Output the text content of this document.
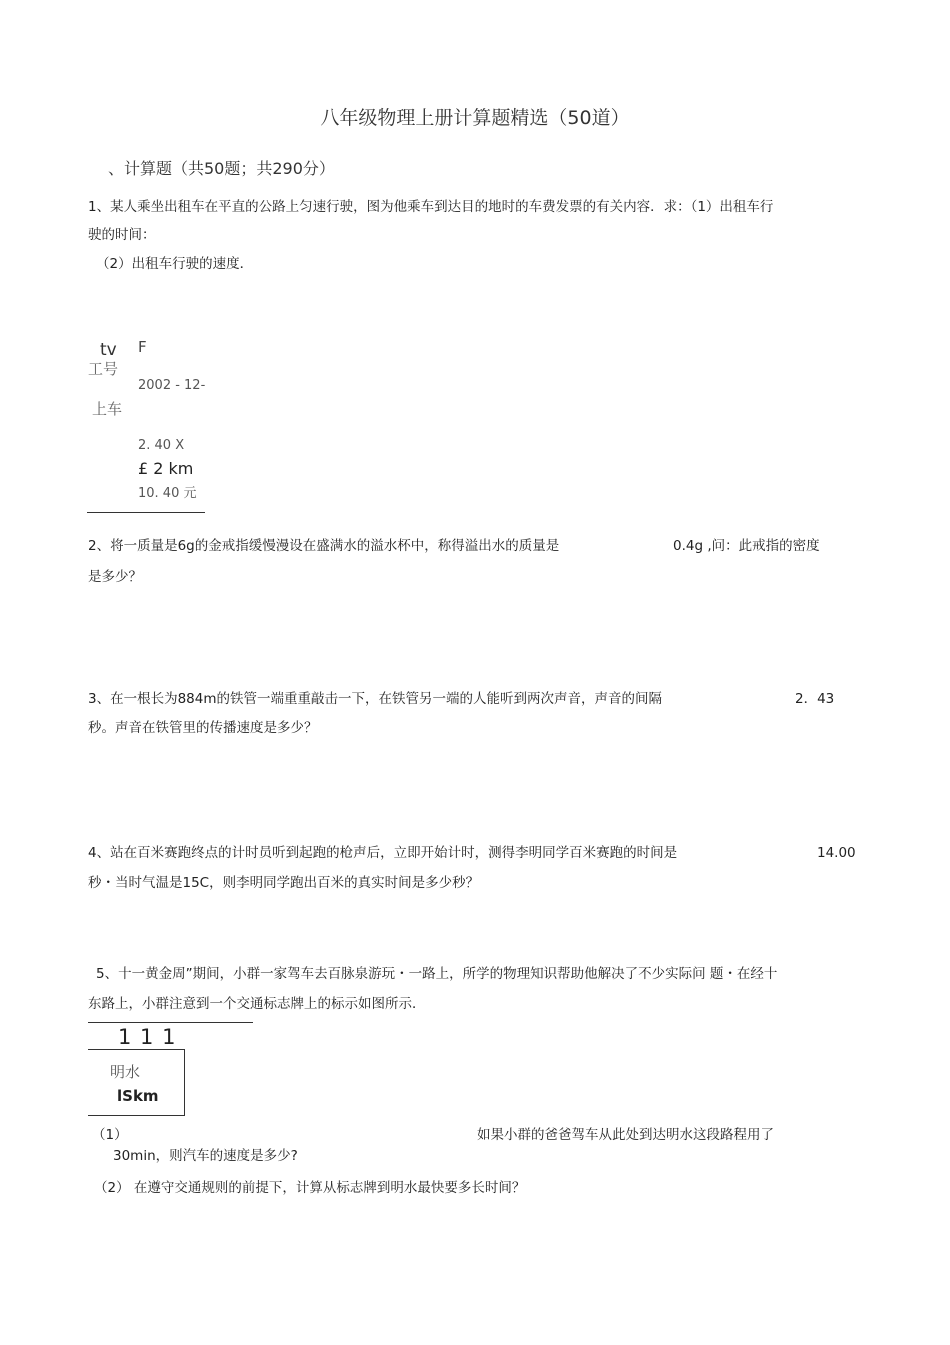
八年级物理上册计算题精选（50道）
、计算题（共50题；共290分）
1、某人乘坐出租车在平直的公路上匀速行驶，图为他乘车到达目的地时的车费发票的有关内容．求：（1）出租车行
驶的时间：
（2）出租车行驶的速度．
tv F
工号
2002 - 12-
上车
2. 40 X
£ 2 km
10. 40 元
2、将一质量是6g的金戒指缓慢漫设在盛满水的溢水杯中，称得溢出水的质量是	0.4g ,问：此戒指的密度
是多少？
3、在一根长为884m的铁管一端重重敲击一下，在铁管另一端的人能听到两次声音，声音的间隔	2．43
秒。声音在铁管里的传播速度是多少？
4、站在百米赛跑终点的计时员听到起跑的枪声后，立即开始计时，测得李明同学百米赛跑的时间是	14.00
秒・当时气温是15C，则李明同学跑出百米的真实时间是多少秒？
5、十一黄金周”期间，小群一家驾车去百脉泉游玩・一路上，所学的物理知识帮助他解决了不少实际问 题・在经十
东路上，小群注意到一个交通标志牌上的标示如图所示．
1 1 1
明水
lSkm
（1）	如果小群的爸爸驾车从此处到达明水这段路程用了
30min，则汽车的速度是多少?
（2） 在遵守交通规则的前提下，计算从标志牌到明水最快要多长时间？
